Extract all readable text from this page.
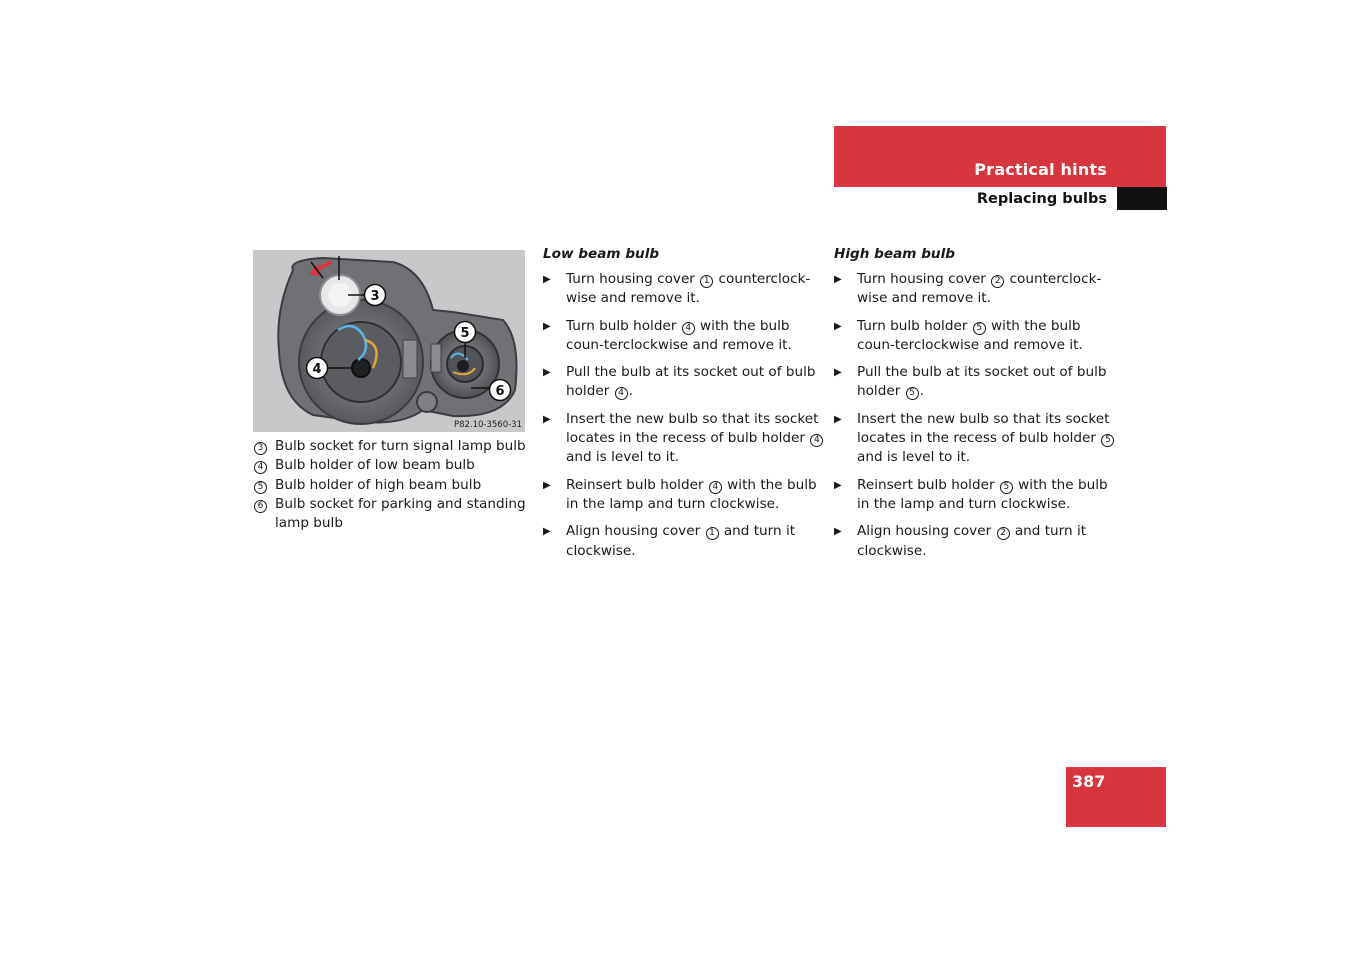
Practical hints
Replacing bulbs
3
4
5
6
P82.10-3560-31
3 Bulb socket for turn signal lamp bulb
4 Bulb holder of low beam bulb
5 Bulb holder of high beam bulb
6 Bulb socket for parking and standing lamp bulb
Low beam bulb
▶	Turn housing cover 1 counterclock-wise and remove it.
▶	Turn bulb holder 4 with the bulb coun-terclockwise and remove it.
▶	Pull the bulb at its socket out of bulb holder 4 .
▶	Insert the new bulb so that its socket locates in the recess of bulb holder 4 and is level to it.
▶	Reinsert bulb holder 4 with the bulb in the lamp and turn clockwise.
▶	Align housing cover 1 and turn it clockwise.
High beam bulb
▶	Turn housing cover 2 counterclock-wise and remove it.
▶	Turn bulb holder 5 with the bulb coun-terclockwise and remove it.
▶	Pull the bulb at its socket out of bulb holder 5 .
▶	Insert the new bulb so that its socket locates in the recess of bulb holder 5 and is level to it.
▶	Reinsert bulb holder 5 with the bulb in the lamp and turn clockwise.
▶	Align housing cover 2 and turn it clockwise.
387
